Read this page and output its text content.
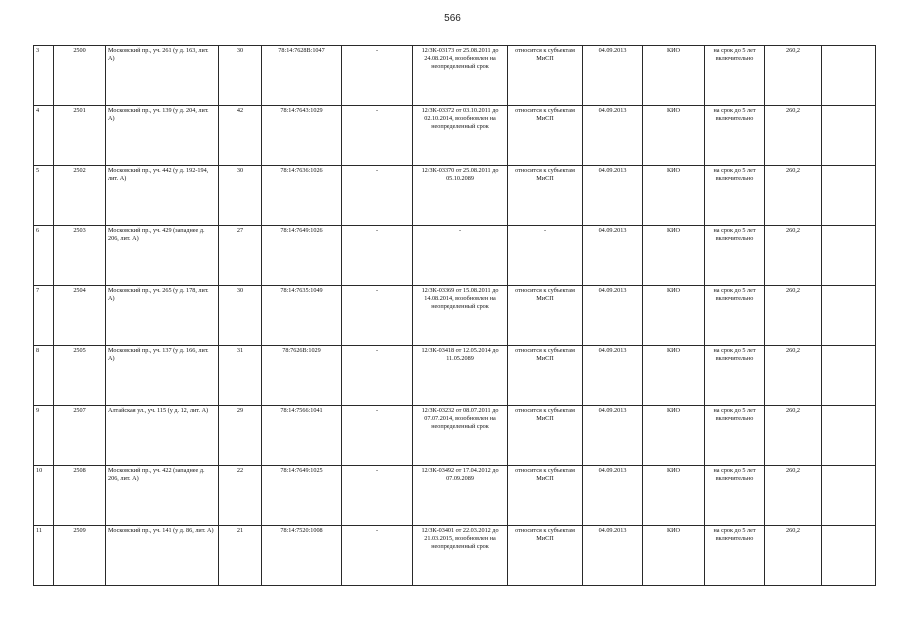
566
3	2500	Московский пр., уч. 261 (у д. 163, лит. А)	30	78:14:7628В:1047	-	12/ЗК-03173 от 25.08.2011 до 24.08.2014, возобновлен на неопределенный срок	относится к субъектам МиСП	04.09.2013	КИО	на срок до 5 лет включительно	260,2	
4	2501	Московский пр., уч. 139 (у д. 204, лит. А)	42	78:14:7643:1029	-	12/ЗК-03372 от 03.10.2011 до 02.10.2014, возобновлен на неопределенный срок	относится к субъектам МиСП	04.09.2013	КИО	на срок до 5 лет включительно	260,2	
5	2502	Московский пр., уч. 442 (у д. 192-194, лит. А)	30	78:14:7636:1026	-	12/ЗК-03370 от 25.08.2011 до 05.10.2089	относится к субъектам МиСП	04.09.2013	КИО	на срок до 5 лет включительно	260,2	
6	2503	Московский пр., уч. 429 (западнее д. 206, лит. А)	27	78:14:7649:1026	-	-	-	04.09.2013	КИО	на срок до 5 лет включительно	260,2	
7	2504	Московский пр., уч. 265 (у д. 178, лит. А)	30	78:14:7635:1049	-	12/ЗК-03369 от 15.08.2011 до 14.08.2014, возобновлен на неопределенный срок	относится к субъектам МиСП	04.09.2013	КИО	на срок до 5 лет включительно	260,2	
8	2505	Московский пр., уч. 137 (у д. 166, лит. А)	31	78:7626В:1029	-	12/ЗК-03418 от 12.05.2014 до 11.05.2089	относится к субъектам МиСП	04.09.2013	КИО	на срок до 5 лет включительно	260,2	
9	2507	Алтайская ул., уч. 115 (у д. 12, лит. А)	29	78:14:7566:1041	-	12/ЗК-03232 от 08.07.2011 до 07.07.2014, возобновлен на неопределенный срок	относится к субъектам МиСП	04.09.2013	КИО	на срок до 5 лет включительно	260,2	
10	2508	Московский пр., уч. 422 (западнее д. 206, лит. А)	22	78:14:7649:1025	-	12/ЗК-03492 от 17.04.2012 до 07.09.2089	относится к субъектам МиСП	04.09.2013	КИО	на срок до 5 лет включительно	260,2	
11	2509	Московский пр., уч. 141 (у д. 86, лит. А)	21	78:14:7520:1008	-	12/ЗК-03401 от 22.03.2012 до 21.03.2015, возобновлен на неопределенный срок	относится к субъектам МиСП	04.09.2013	КИО	на срок до 5 лет включительно	260,2	
